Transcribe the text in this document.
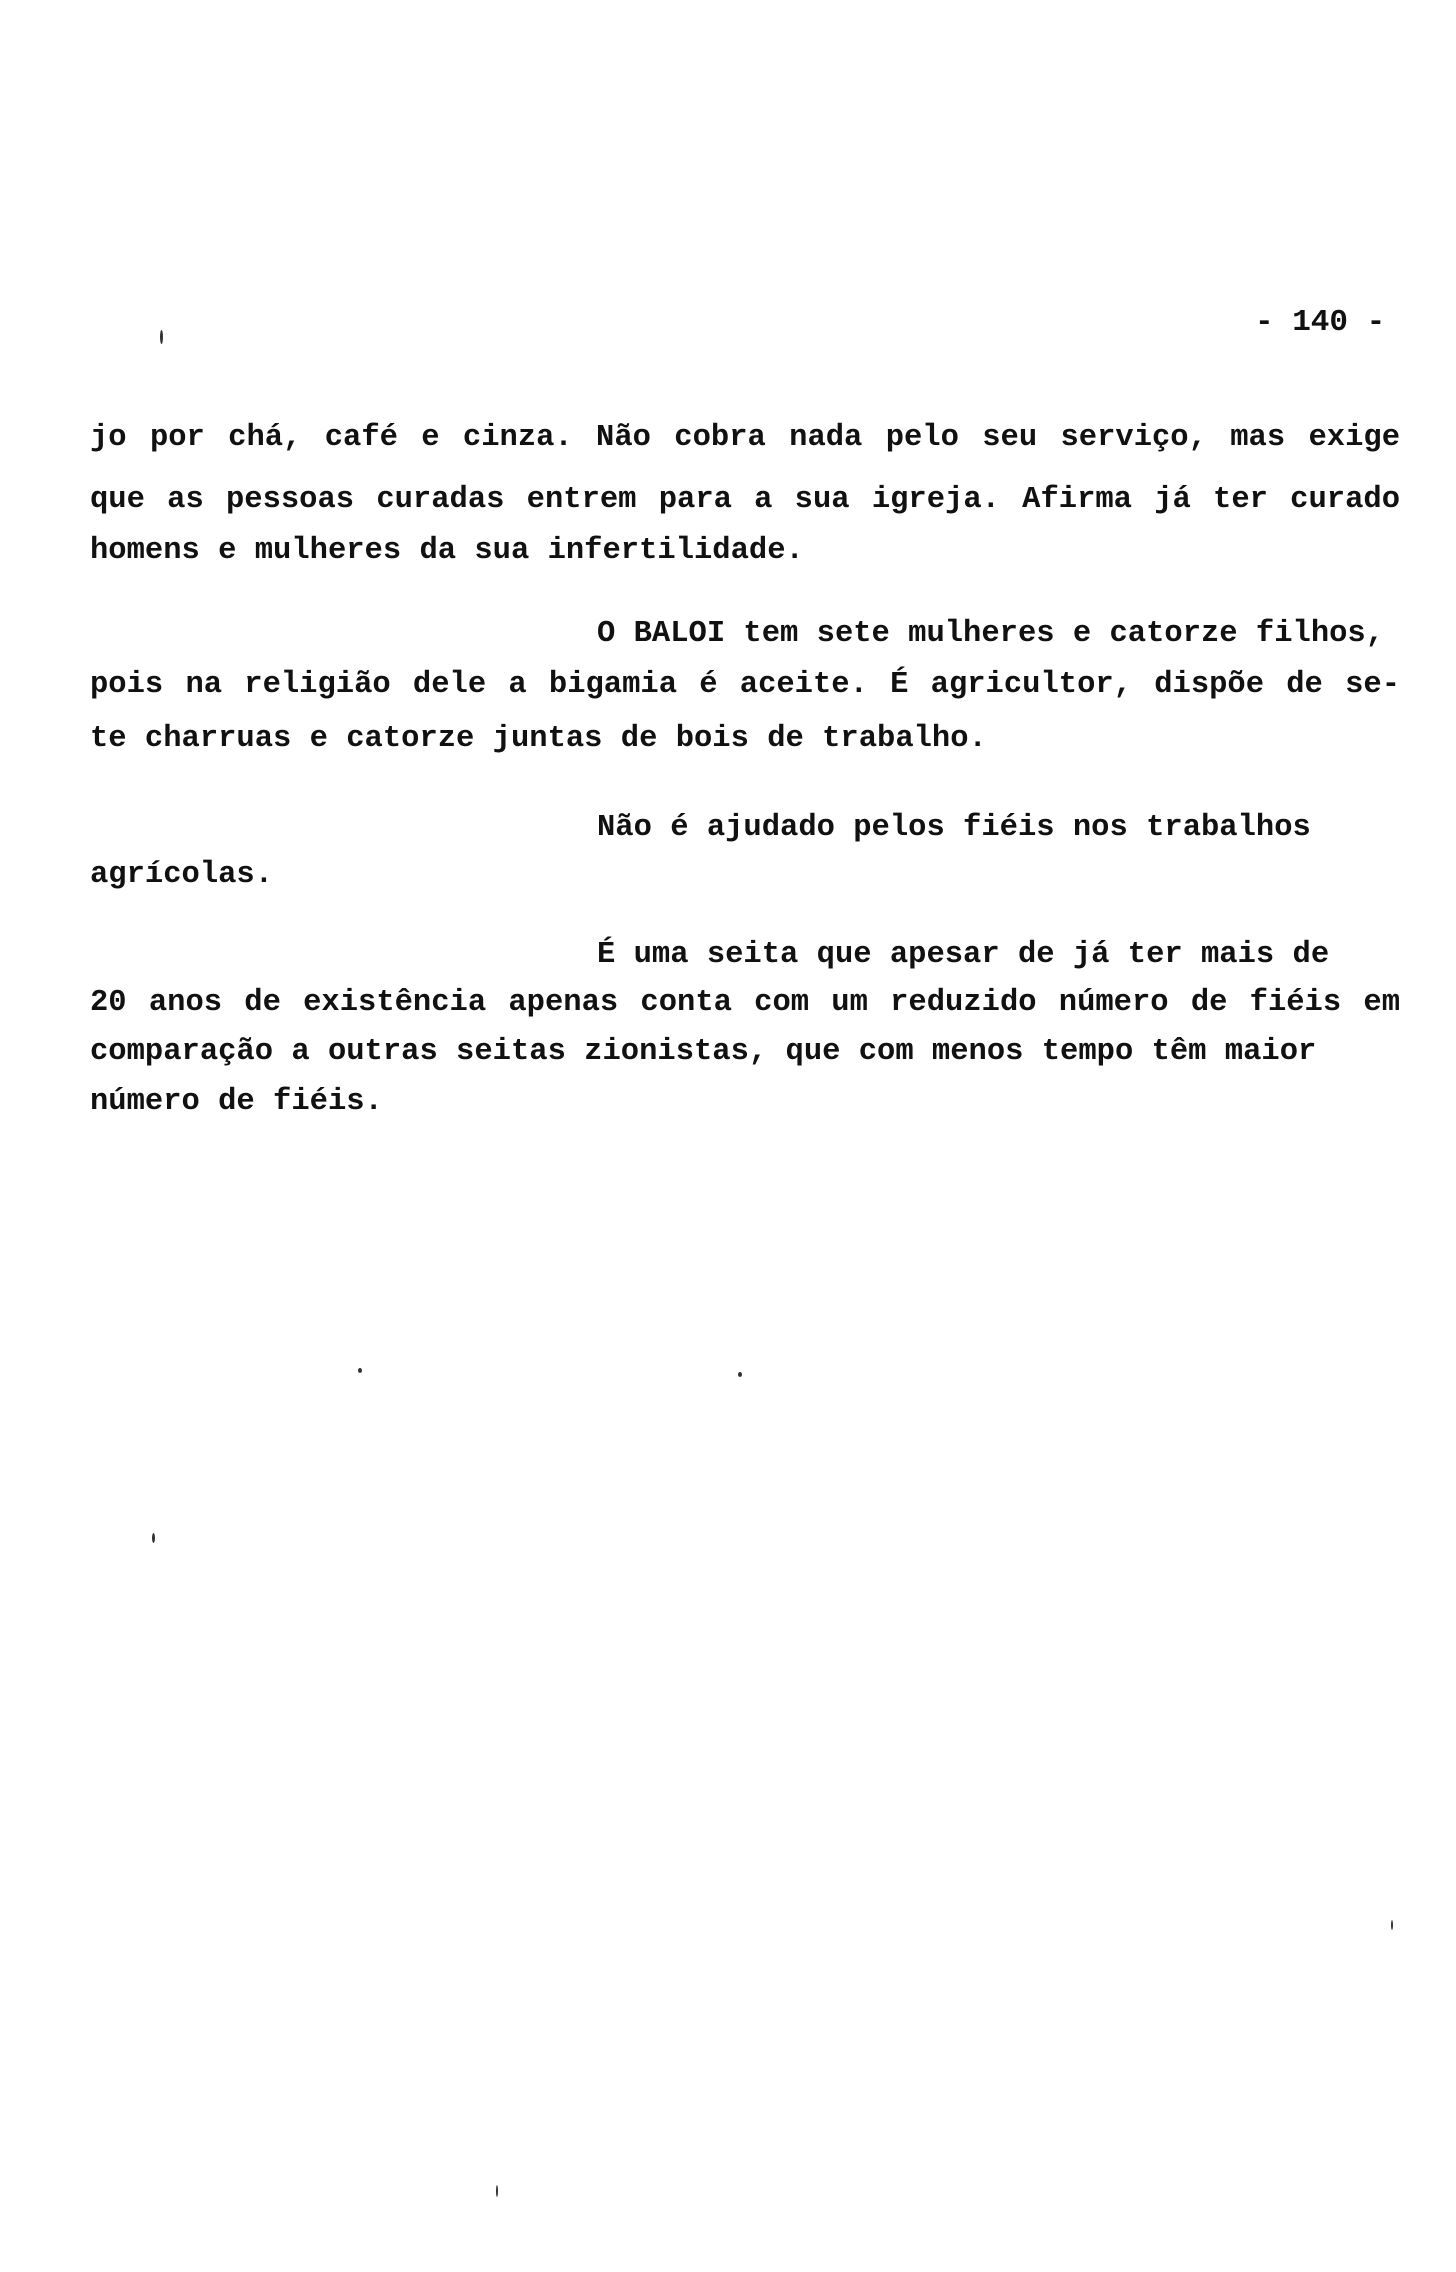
- 140 -
jo por chá, café e cinza. Não cobra nada pelo seu serviço, mas exige
que as pessoas curadas entrem para a sua igreja. Afirma já ter curado
homens e mulheres da sua infertilidade.
O BALOI tem sete mulheres e catorze filhos,
pois na religião dele a bigamia é aceite. É agricultor, dispõe de se-
te charruas e catorze juntas de bois de trabalho.
Não é ajudado pelos fiéis nos trabalhos
agrícolas.
É uma seita que apesar de já ter mais de
20 anos de existência apenas conta com um reduzido número de fiéis em
comparação a outras seitas zionistas, que com menos tempo têm maior
número de fiéis.
